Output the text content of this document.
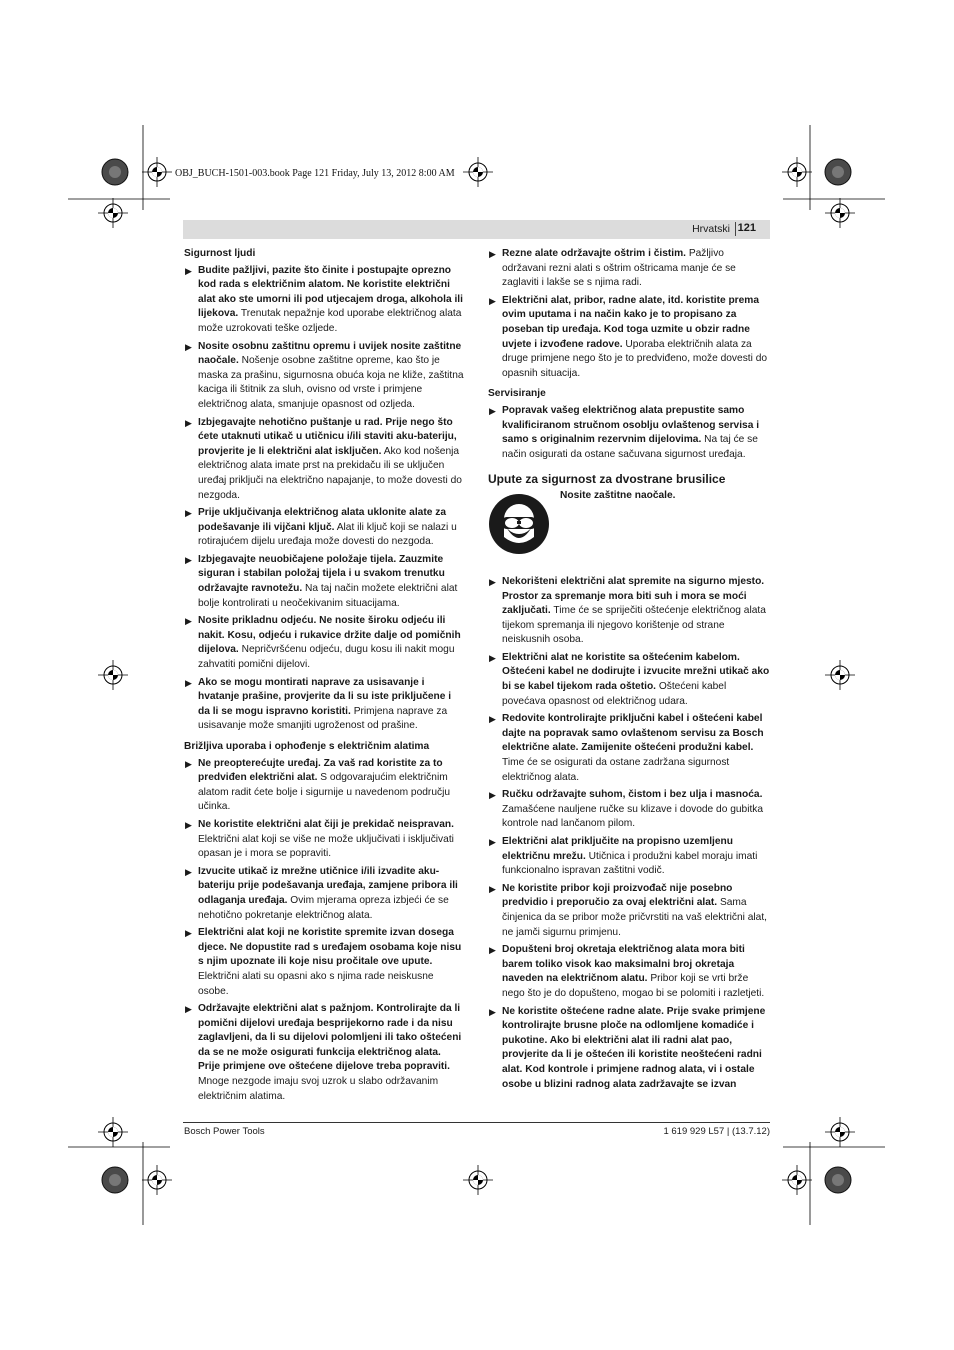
OBJ_BUCH-1501-003.book Page 121 Friday, July 13, 2012 8:00 AM
Hrvatski 121
Sigurnost ljudi
▶ Budite pažljivi, pazite što činite i postupajte oprezno kod rada s električnim alatom. Ne koristite električni alat ako ste umorni ili pod utjecajem droga, alkohola ili lijekova. Trenutak nepažnje kod uporabe električnog alata može uzrokovati teške ozljede.
▶ Nosite osobnu zaštitnu opremu i uvijek nosite zaštitne naočale. Nošenje osobne zaštitne opreme, kao što je maska za prašinu, sigurnosna obuća koja ne kliže, zaštitna kaciga ili štitnik za sluh, ovisno od vrste i primjene električnog alata, smanjuje opasnost od ozljeda.
▶ Izbjegavajte nehotično puštanje u rad. Prije nego što ćete utaknuti utikač u utičnicu i/ili staviti aku-bateriju, provjerite je li električni alat isključen. Ako kod nošenja električnog alata imate prst na prekidaču ili se uključen uređaj priključi na električno napajanje, to može dovesti do nezgoda.
▶ Prije uključivanja električnog alata uklonite alate za podešavanje ili vijčani ključ. Alat ili ključ koji se nalazi u rotirajućem dijelu uređaja može dovesti do nezgoda.
▶ Izbjegavajte neuobičajene položaje tijela. Zauzmite siguran i stabilan položaj tijela i u svakom trenutku održavajte ravnotežu. Na taj način možete električni alat bolje kontrolirati u neočekivanim situacijama.
▶ Nosite prikladnu odjeću. Ne nosite široku odjeću ili nakit. Kosu, odjeću i rukavice držite dalje od pomičnih dijelova. Nepričvršćenu odjeću, dugu kosu ili nakit mogu zahvatiti pomični dijelovi.
▶ Ako se mogu montirati naprave za usisavanje i hvatanje prašine, provjerite da li su iste priključene i da li se mogu ispravno koristiti. Primjena naprave za usisavanje može smanjiti ugroženost od prašine.
Brižljiva uporaba i ophođenje s električnim alatima
▶ Ne preopterećujte uređaj. Za vaš rad koristite za to predviđen električni alat. S odgovarajućim električnim alatom radit ćete bolje i sigurnije u navedenom području učinka.
▶ Ne koristite električni alat čiji je prekidač neispravan. Električni alat koji se više ne može uključivati i isključivati opasan je i mora se popraviti.
▶ Izvucite utikač iz mrežne utičnice i/ili izvadite aku-bateriju prije podešavanja uređaja, zamjene pribora ili odlaganja uređaja. Ovim mjerama opreza izbjeći će se nehotično pokretanje električnog alata.
▶ Električni alat koji ne koristite spremite izvan dosega djece. Ne dopustite rad s uređajem osobama koje nisu s njim upoznate ili koje nisu pročitale ove upute. Električni alati su opasni ako s njima rade neiskusne osobe.
▶ Održavajte električni alat s pažnjom. Kontrolirajte da li pomični dijelovi uređaja besprijekorno rade i da nisu zaglavljeni, da li su dijelovi polomljeni ili tako oštećeni da se ne može osigurati funkcija električnog alata. Prije primjene ove oštećene dijelove treba popraviti. Mnoge nezgode imaju svoj uzrok u slabo održavanim električnim alatima.
▶ Rezne alate održavajte oštrim i čistim. Pažljivo održavani rezni alati s oštrim oštricama manje će se zaglaviti i lakše se s njima radi.
▶ Električni alat, pribor, radne alate, itd. koristite prema ovim uputama i na način kako je to propisano za poseban tip uređaja. Kod toga uzmite u obzir radne uvjete i izvođene radove. Uporaba električnih alata za druge primjene nego što je to predviđeno, može dovesti do opasnih situacija.
Servisiranje
▶ Popravak vašeg električnog alata prepustite samo kvalificiranom stručnom osoblju ovlaštenog servisa i samo s originalnim rezervnim dijelovima. Na taj će se način osigurati da ostane sačuvana sigurnost uređaja.
Upute za sigurnost za dvostrane brusilice
Nosite zaštitne naočale.
▶ Nekorišteni električni alat spremite na sigurno mjesto. Prostor za spremanje mora biti suh i mora se moći zaključati. Time će se spriječiti oštećenje električnog alata tijekom spremanja ili njegovo korištenje od strane neiskusnih osoba.
▶ Električni alat ne koristite sa oštećenim kabelom. Oštećeni kabel ne dodirujte i izvucite mrežni utikač ako bi se kabel tijekom rada oštetio. Oštećeni kabel povećava opasnost od električnog udara.
▶ Redovite kontrolirajte priključni kabel i oštećeni kabel dajte na popravak samo ovlaštenom servisu za Bosch električne alate. Zamijenite oštećeni produžni kabel. Time će se osigurati da ostane zadržana sigurnost električnog alata.
▶ Ručku održavajte suhom, čistom i bez ulja i masnoća. Zamašćene nauljene ručke su klizave i dovode do gubitka kontrole nad lančanom pilom.
▶ Električni alat priključite na propisno uzemljenu električnu mrežu. Utičnica i produžni kabel moraju imati funkcionalno ispravan zaštitni vodič.
▶ Ne koristite pribor koji proizvođač nije posebno predvidio i preporučio za ovaj električni alat. Sama činjenica da se pribor može pričvrstiti na vaš električni alat, ne jamči sigurnu primjenu.
▶ Dopušteni broj okretaja električnog alata mora biti barem toliko visok kao maksimalni broj okretaja naveden na električnom alatu. Pribor koji se vrti brže nego što je do dopušteno, mogao bi se polomiti i razletjeti.
▶ Ne koristite oštećene radne alate. Prije svake primjene kontrolirajte brusne ploče na odlomljene komadiće i pukotine. Ako bi električni alat ili radni alat pao, provjerite da li je oštećen ili koristite neoštećeni radni alat. Kod kontrole i primjene radnog alata, vi i ostale osobe u blizini radnog alata zadržavajte se izvan
Bosch Power Tools	1 619 929 L57 | (13.7.12)
